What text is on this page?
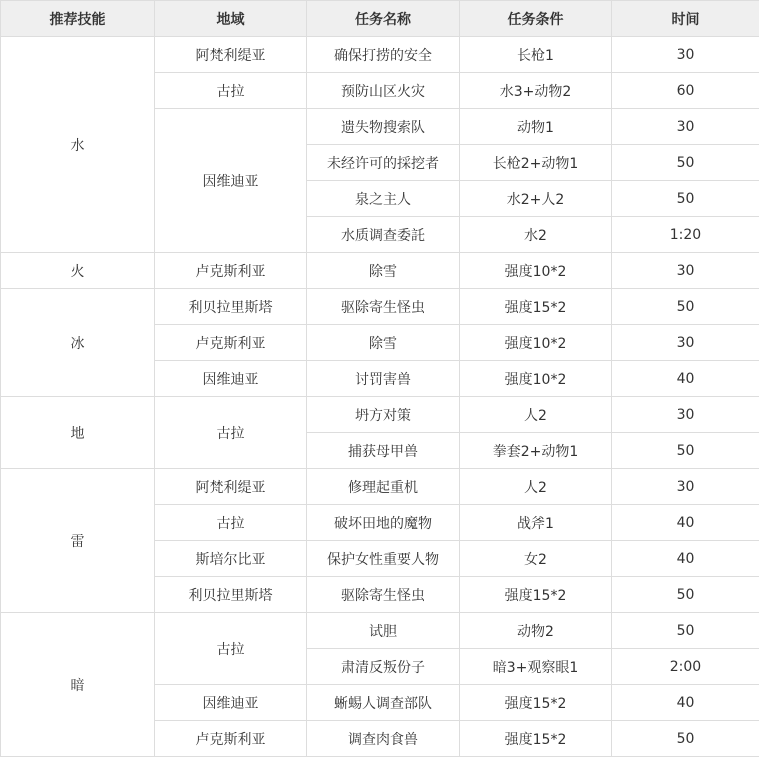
推荐技能	地域	任务名称	任务条件	时间
水	阿梵利缇亚	确保打捞的安全	长枪1	30
	古拉	预防山区火灾	水3+动物2	60
	因维迪亚	遗失物搜索队	动物1	30
		未经许可的採挖者	长枪2+动物1	50
		泉之主人	水2+人2	50
		水质调查委託	水2	1:20
火	卢克斯利亚	除雪	强度10*2	30
冰	利贝拉里斯塔	驱除寄生怪虫	强度15*2	50
	卢克斯利亚	除雪	强度10*2	30
	因维迪亚	讨罚害兽	强度10*2	40
地	古拉	坍方对策	人2	30
		捕获母甲兽	拳套2+动物1	50
雷	阿梵利缇亚	修理起重机	人2	30
	古拉	破坏田地的魔物	战斧1	40
	斯培尔比亚	保护女性重要人物	女2	40
	利贝拉里斯塔	驱除寄生怪虫	强度15*2	50
暗	古拉	试胆	动物2	50
		肃清反叛份子	暗3+观察眼1	2:00
	因维迪亚	蜥蜴人调查部队	强度15*2	40
	卢克斯利亚	调查肉食兽	强度15*2	50
